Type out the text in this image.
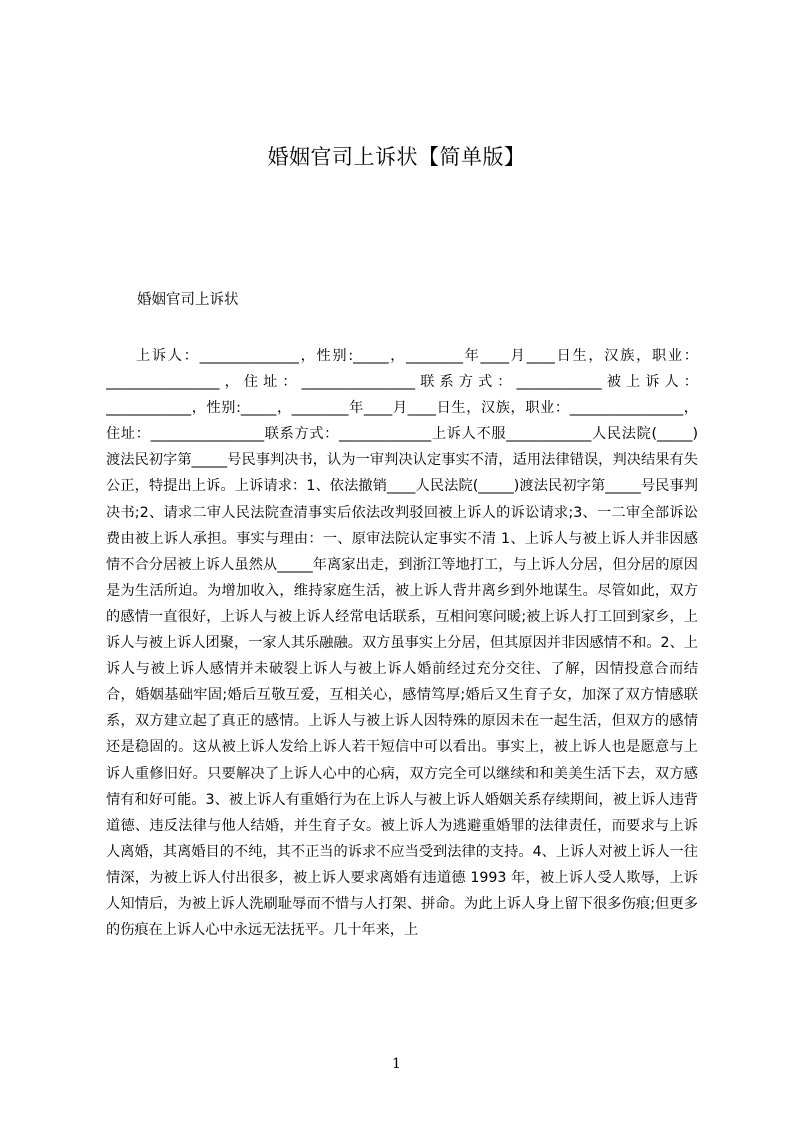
婚姻官司上诉状【简单版】
婚姻官司上诉状

上诉人：______________，性别:_____，________年____月____日生，汉族，职业：________________，住址：________________联系方式：____________被上诉人：____________，性别:_____，________年____月____日生，汉族，职业：________________，住址：________________联系方式：_____________上诉人不服____________人民法院(_____)渡法民初字第_____号民事判决书，认为一审判决认定事实不清，适用法律错误，判决结果有失公正，特提出上诉。上诉请求：1、依法撤销____人民法院(_____)渡法民初字第_____号民事判决书;2、请求二审人民法院查清事实后依法改判驳回被上诉人的诉讼请求;3、一二审全部诉讼费由被上诉人承担。事实与理由：一、原审法院认定事实不清 1、上诉人与被上诉人并非因感情不合分居被上诉人虽然从_____年离家出走，到浙江等地打工，与上诉人分居，但分居的原因是为生活所迫。为增加收入，维持家庭生活，被上诉人背井离乡到外地谋生。尽管如此，双方的感情一直很好，上诉人与被上诉人经常电话联系，互相问寒问暖;被上诉人打工回到家乡，上诉人与被上诉人团聚，一家人其乐融融。双方虽事实上分居，但其原因并非因感情不和。2、上诉人与被上诉人感情并未破裂上诉人与被上诉人婚前经过充分交往、了解，因情投意合而结合，婚姻基础牢固;婚后互敬互爱，互相关心，感情笃厚;婚后又生育子女，加深了双方情感联系，双方建立起了真正的感情。上诉人与被上诉人因特殊的原因未在一起生活，但双方的感情还是稳固的。这从被上诉人发给上诉人若干短信中可以看出。事实上，被上诉人也是愿意与上诉人重修旧好。只要解决了上诉人心中的心病，双方完全可以继续和和美美生活下去，双方感情有和好可能。3、被上诉人有重婚行为在上诉人与被上诉人婚姻关系存续期间，被上诉人违背道德、违反法律与他人结婚，并生育子女。被上诉人为逃避重婚罪的法律责任，而要求与上诉人离婚，其离婚目的不纯，其不正当的诉求不应当受到法律的支持。4、上诉人对被上诉人一往情深，为被上诉人付出很多，被上诉人要求离婚有违道德 1993 年，被上诉人受人欺辱，上诉人知情后，为被上诉人洗刷耻辱而不惜与人打架、拼命。为此上诉人身上留下很多伤痕;但更多的伤痕在上诉人心中永远无法抚平。几十年来，上

1
